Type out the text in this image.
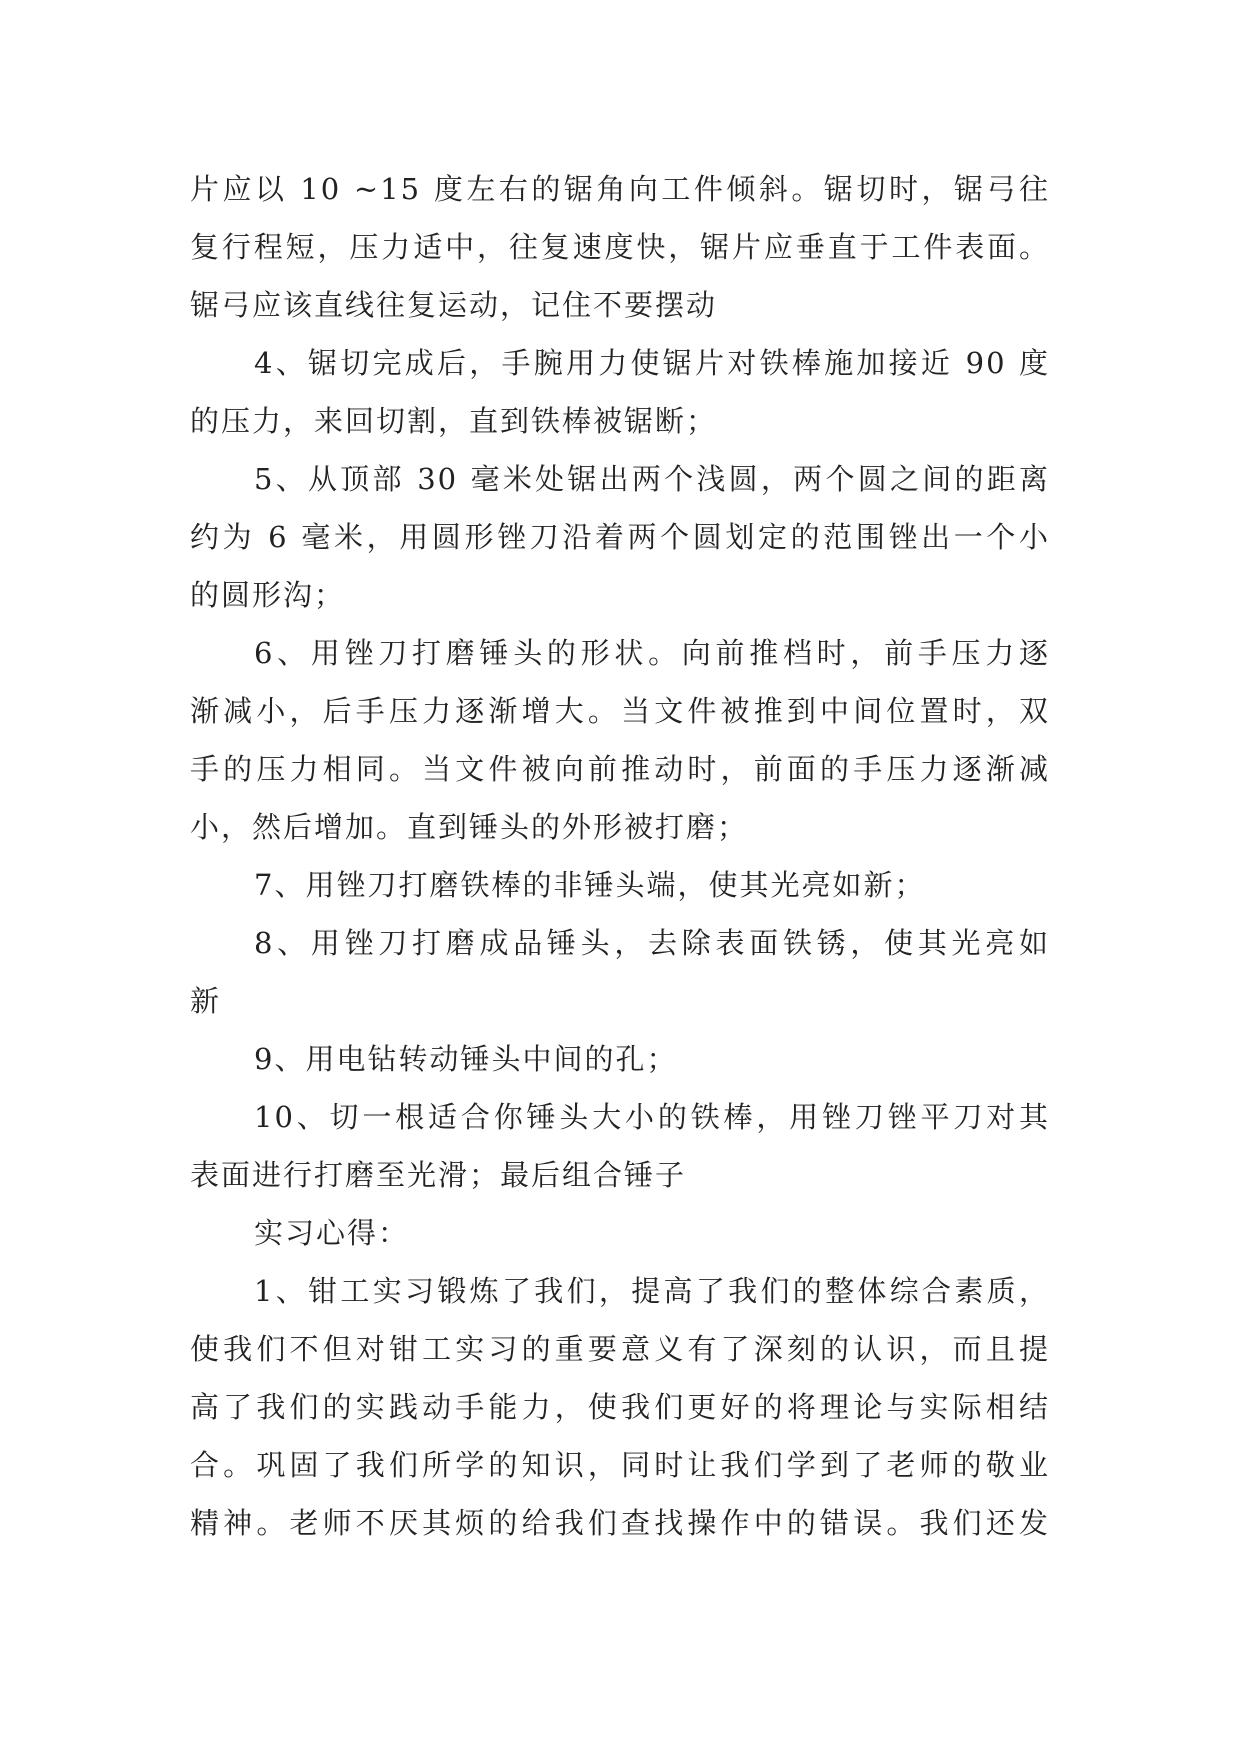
片应以 10 ~15 度左右的锯角向工件倾斜。锯切时，锯弓往
复行程短，压力适中，往复速度快，锯片应垂直于工件表面。
锯弓应该直线往复运动，记住不要摆动
4、锯切完成后，手腕用力使锯片对铁棒施加接近 90 度
的压力，来回切割，直到铁棒被锯断；
5、从顶部 30 毫米处锯出两个浅圆，两个圆之间的距离
约为 6 毫米，用圆形锉刀沿着两个圆划定的范围锉出一个小
的圆形沟；
6、用锉刀打磨锤头的形状。向前推档时，前手压力逐
渐减小，后手压力逐渐增大。当文件被推到中间位置时，双
手的压力相同。当文件被向前推动时，前面的手压力逐渐减
小，然后增加。直到锤头的外形被打磨；
7、用锉刀打磨铁棒的非锤头端，使其光亮如新；
8、用锉刀打磨成品锤头，去除表面铁锈，使其光亮如
新
9、用电钻转动锤头中间的孔；
10、切一根适合你锤头大小的铁棒，用锉刀锉平刀对其
表面进行打磨至光滑；最后组合锤子
实习心得：
1、钳工实习锻炼了我们，提高了我们的整体综合素质，
使我们不但对钳工实习的重要意义有了深刻的认识，而且提
高了我们的实践动手能力，使我们更好的将理论与实际相结
合。巩固了我们所学的知识，同时让我们学到了老师的敬业
精神。老师不厌其烦的给我们查找操作中的错误。我们还发
